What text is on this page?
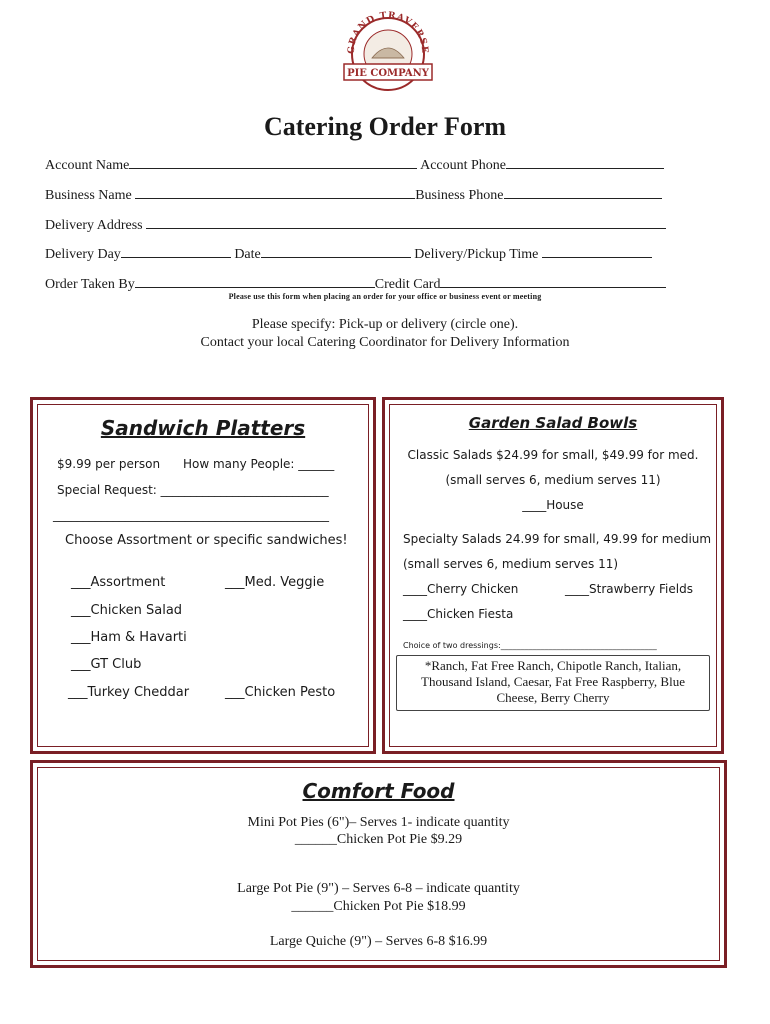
GRAND TRAVERSE
PIE COMPANY
Catering Order Form
Account Name	Account Phone
Business Name	Business Phone
Delivery Address
Delivery Day	Date	Delivery/Pickup Time
Order Taken By	Credit Card
Please use this form when placing an order for your office or business event or meeting
Please specify: Pick-up or delivery (circle one).
Contact your local Catering Coordinator for Delivery Information
Sandwich Platters
$9.99 per person How many People: ______
Special Request: ____________________________
______________________________________________
Choose Assortment or specific sandwiches!
___Assortment
___Chicken Salad
___Ham & Havarti
___GT Club
___Turkey Cheddar
___Med. Veggie
___Chicken Pesto
Garden Salad Bowls
Classic Salads $24.99 for small, $49.99 for med.
(small serves 6, medium serves 11)
____House
Specialty Salads 24.99 for small, 49.99 for medium
(small serves 6, medium serves 11)
____Cherry Chicken	____Strawberry Fields
____Chicken Fiesta
Choice of two dressings:_______________________________________
*Ranch, Fat Free Ranch, Chipotle Ranch, Italian, Thousand Island, Caesar, Fat Free Raspberry, Blue Cheese, Berry Cherry
Comfort Food
Mini Pot Pies (6")– Serves 1- indicate quantity
______Chicken Pot Pie $9.29
Large Pot Pie (9") – Serves 6-8 – indicate quantity
______Chicken Pot Pie $18.99
Large Quiche (9") – Serves 6-8 $16.99
